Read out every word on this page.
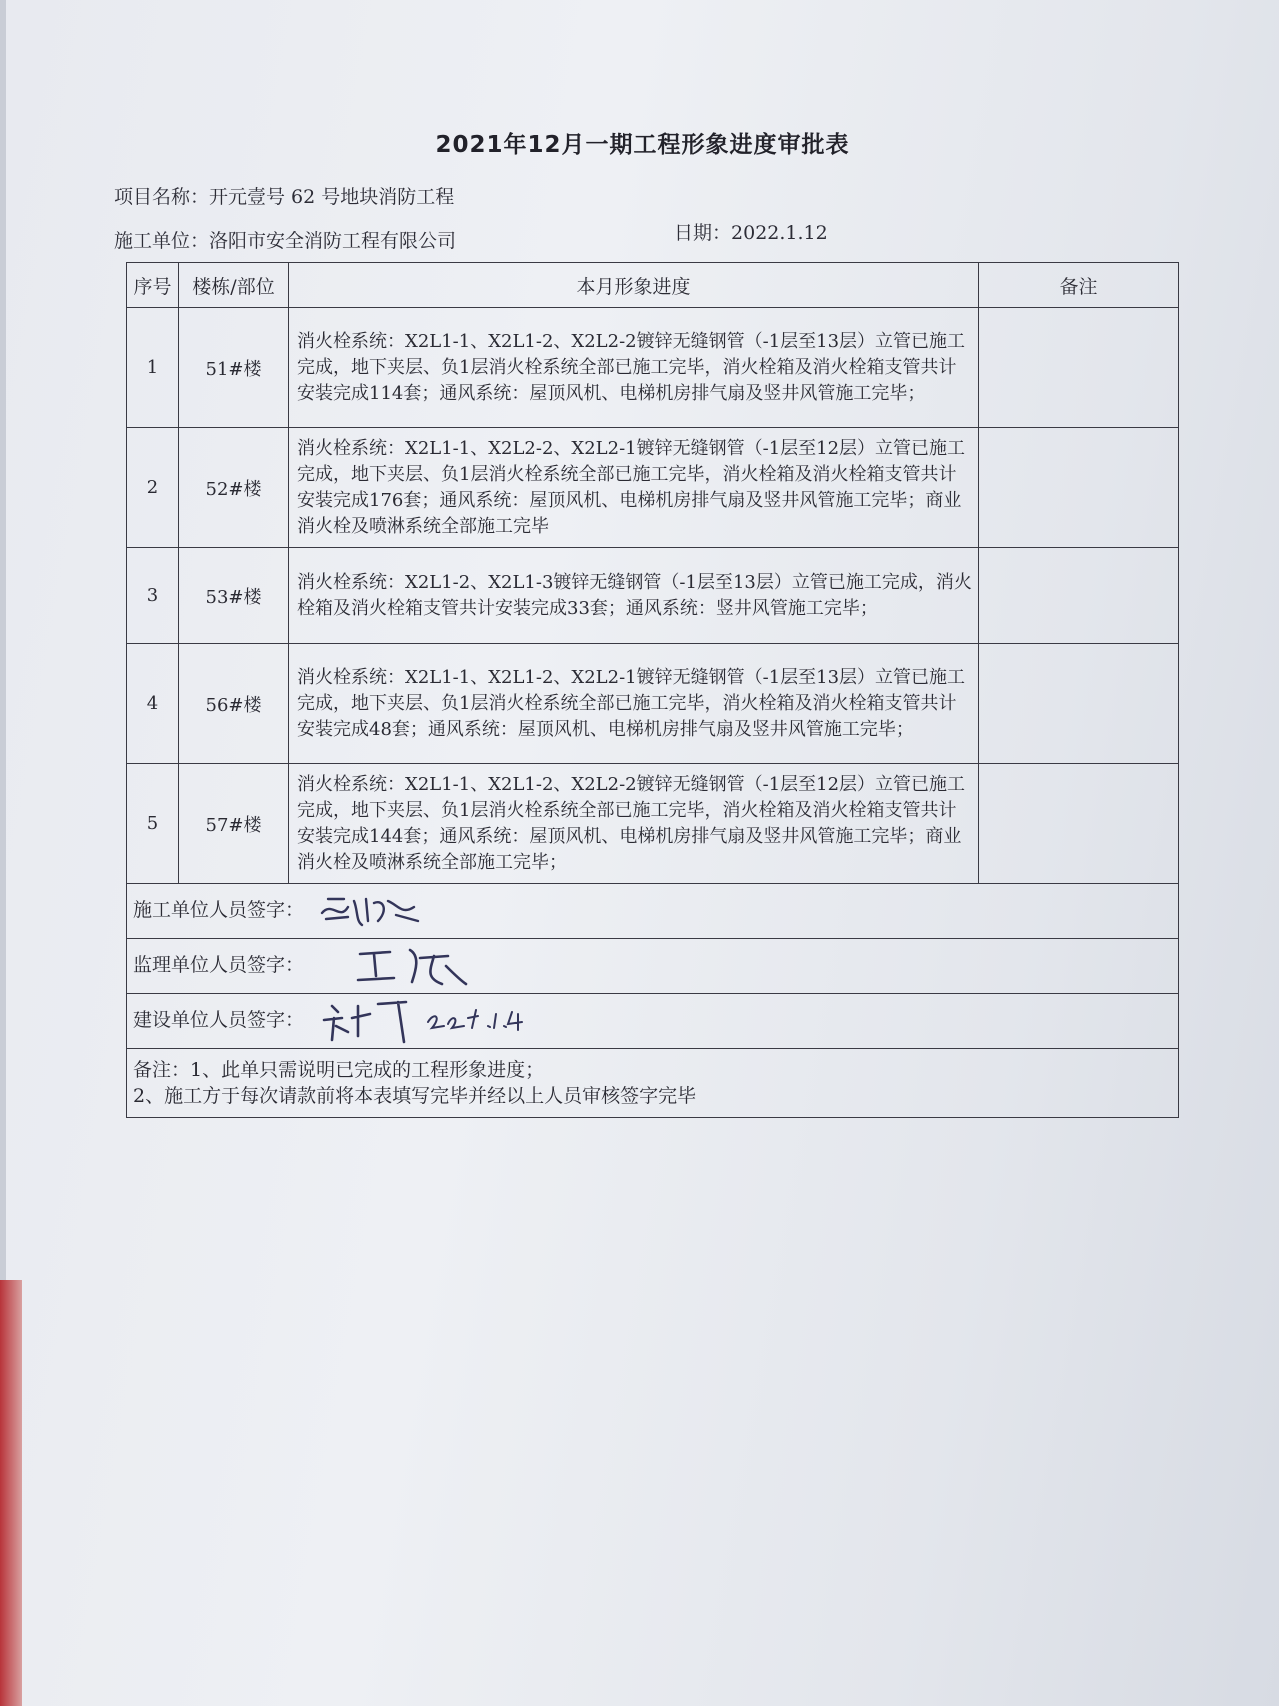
2021年12月一期工程形象进度审批表
项目名称：开元壹号 62 号地块消防工程
施工单位：洛阳市安全消防工程有限公司	日期：2022.1.12
序号	楼栋/部位	本月形象进度	备注
1	51#楼	消火栓系统：X2L1-1、X2L1-2、X2L2-2镀锌无缝钢管（-1层至13层）立管已施工完成，地下夹层、负1层消火栓系统全部已施工完毕，消火栓箱及消火栓箱支管共计安装完成114套；通风系统：屋顶风机、电梯机房排气扇及竖井风管施工完毕；	
2	52#楼	消火栓系统：X2L1-1、X2L2-2、X2L2-1镀锌无缝钢管（-1层至12层）立管已施工完成，地下夹层、负1层消火栓系统全部已施工完毕，消火栓箱及消火栓箱支管共计安装完成176套；通风系统：屋顶风机、电梯机房排气扇及竖井风管施工完毕；商业消火栓及喷淋系统全部施工完毕	
3	53#楼	消火栓系统：X2L1-2、X2L1-3镀锌无缝钢管（-1层至13层）立管已施工完成，消火栓箱及消火栓箱支管共计安装完成33套；通风系统：竖井风管施工完毕；	
4	56#楼	消火栓系统：X2L1-1、X2L1-2、X2L2-1镀锌无缝钢管（-1层至13层）立管已施工完成，地下夹层、负1层消火栓系统全部已施工完毕，消火栓箱及消火栓箱支管共计安装完成48套；通风系统：屋顶风机、电梯机房排气扇及竖井风管施工完毕；	
5	57#楼	消火栓系统：X2L1-1、X2L1-2、X2L2-2镀锌无缝钢管（-1层至12层）立管已施工完成，地下夹层、负1层消火栓系统全部已施工完毕，消火栓箱及消火栓箱支管共计安装完成144套；通风系统：屋顶风机、电梯机房排气扇及竖井风管施工完毕；商业消火栓及喷淋系统全部施工完毕；	
施工单位人员签字：			
监理单位人员签字：			
建设单位人员签字：			

备注：1、此单只需说明已完成的工程形象进度；
2、施工方于每次请款前将本表填写完毕并经以上人员审核签字完毕			
